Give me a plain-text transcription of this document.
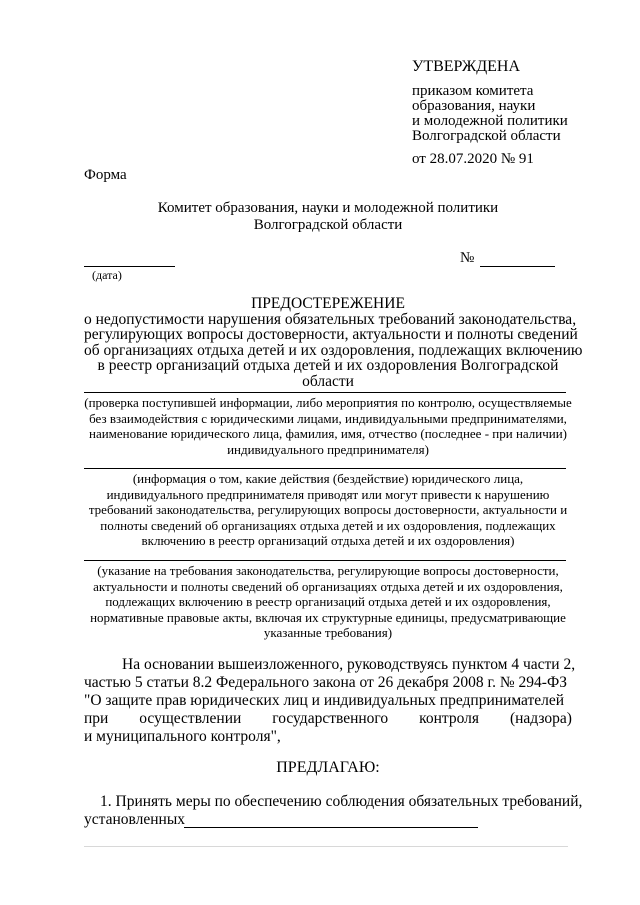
УТВЕРЖДЕНА
приказом комитета
образования, науки
и молодежной политики
Волгоградской области
от 28.07.2020 № 91
Форма
Комитет образования, науки и молодежной политики
Волгоградской области
(дата)
№
ПРЕДОСТЕРЕЖЕНИЕ
о недопустимости нарушения обязательных требований законодательства,
регулирующих вопросы достоверности, актуальности и полноты сведений
об организациях отдыха детей и их оздоровления, подлежащих включению
в реестр организаций отдыха детей и их оздоровления Волгоградской
области
(проверка поступившей информации, либо мероприятия по контролю, осуществляемые
без взаимодействия с юридическими лицами, индивидуальными предпринимателями,
наименование юридического лица, фамилия, имя, отчество (последнее - при наличии)
индивидуального предпринимателя)
(информация о том, какие действия (бездействие) юридического лица,
индивидуального предпринимателя приводят или могут привести к нарушению
требований законодательства, регулирующих вопросы достоверности, актуальности и
полноты сведений об организациях отдыха детей и их оздоровления, подлежащих
включению в реестр организаций отдыха детей и их оздоровления)
(указание на требования законодательства, регулирующие вопросы достоверности,
актуальности и полноты сведений об организациях отдыха детей и их оздоровления,
подлежащих включению в реестр организаций отдыха детей и их оздоровления,
нормативные правовые акты, включая их структурные единицы, предусматривающие
указанные требования)
На основании вышеизложенного, руководствуясь пунктом 4 части 2,
частью 5 статьи 8.2 Федерального закона от 26 декабря 2008 г. № 294-ФЗ
"О защите прав юридических лиц и индивидуальных предпринимателей
при осуществлении государственного контроля (надзора)
и муниципального контроля",
ПРЕДЛАГАЮ:
1. Принять меры по обеспечению соблюдения обязательных требований,
установленных
